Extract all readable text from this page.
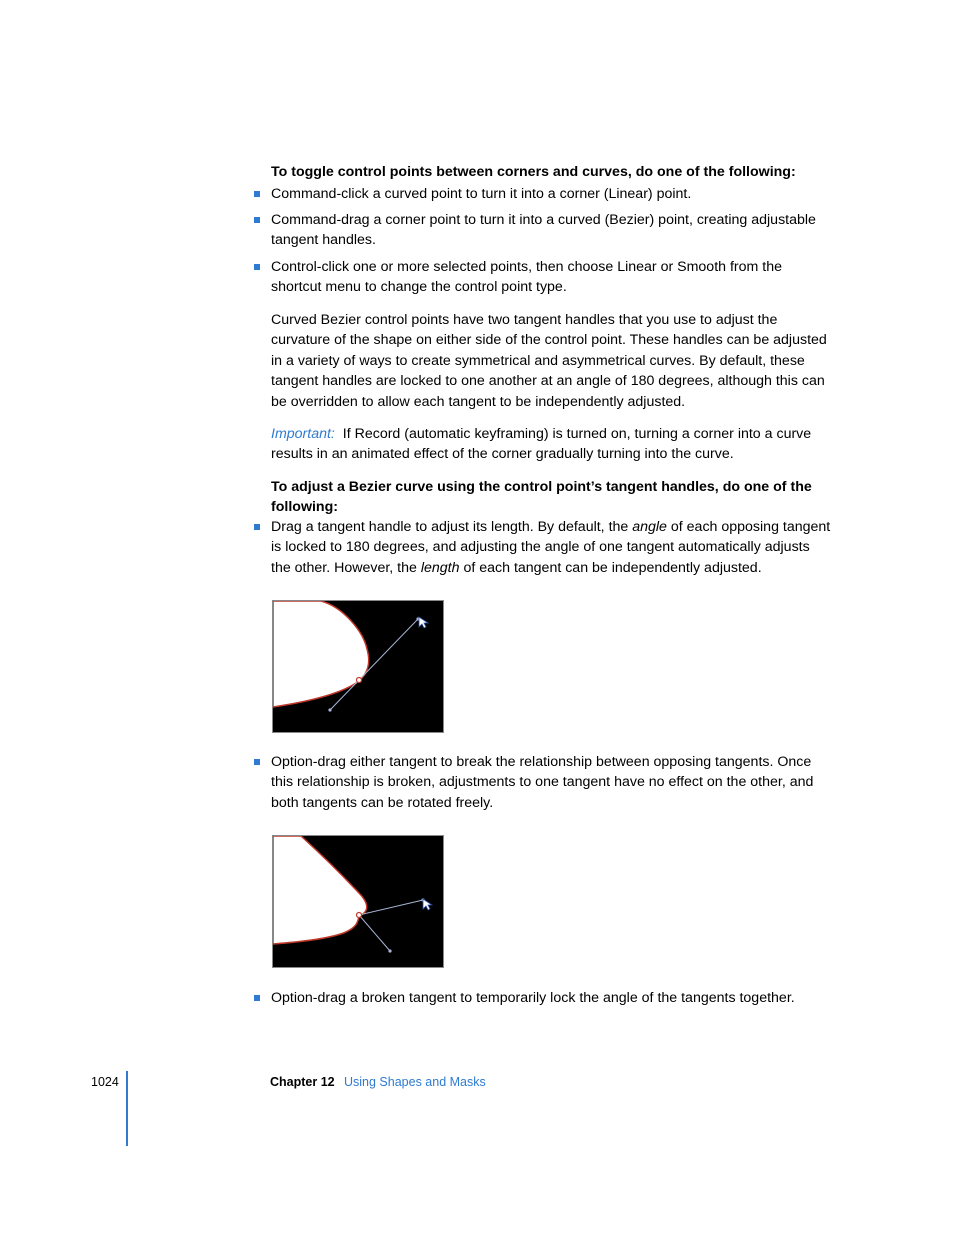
To toggle control points between corners and curves, do one of the following:
Command-click a curved point to turn it into a corner (Linear) point.
Command-drag a corner point to turn it into a curved (Bezier) point, creating adjustable tangent handles.
Control-click one or more selected points, then choose Linear or Smooth from the shortcut menu to change the control point type.
Curved Bezier control points have two tangent handles that you use to adjust the curvature of the shape on either side of the control point. These handles can be adjusted in a variety of ways to create symmetrical and asymmetrical curves. By default, these tangent handles are locked to one another at an angle of 180 degrees, although this can be overridden to allow each tangent to be independently adjusted.
Important: If Record (automatic keyframing) is turned on, turning a corner into a curve results in an animated effect of the corner gradually turning into the curve.
To adjust a Bezier curve using the control point’s tangent handles, do one of the following:
Drag a tangent handle to adjust its length. By default, the angle of each opposing tangent is locked to 180 degrees, and adjusting the angle of one tangent automatically adjusts the other. However, the length of each tangent can be independently adjusted.
Option-drag either tangent to break the relationship between opposing tangents. Once this relationship is broken, adjustments to one tangent have no effect on the other, and both tangents can be rotated freely.
Option-drag a broken tangent to temporarily lock the angle of the tangents together.
1024	Chapter 12 Using Shapes and Masks
